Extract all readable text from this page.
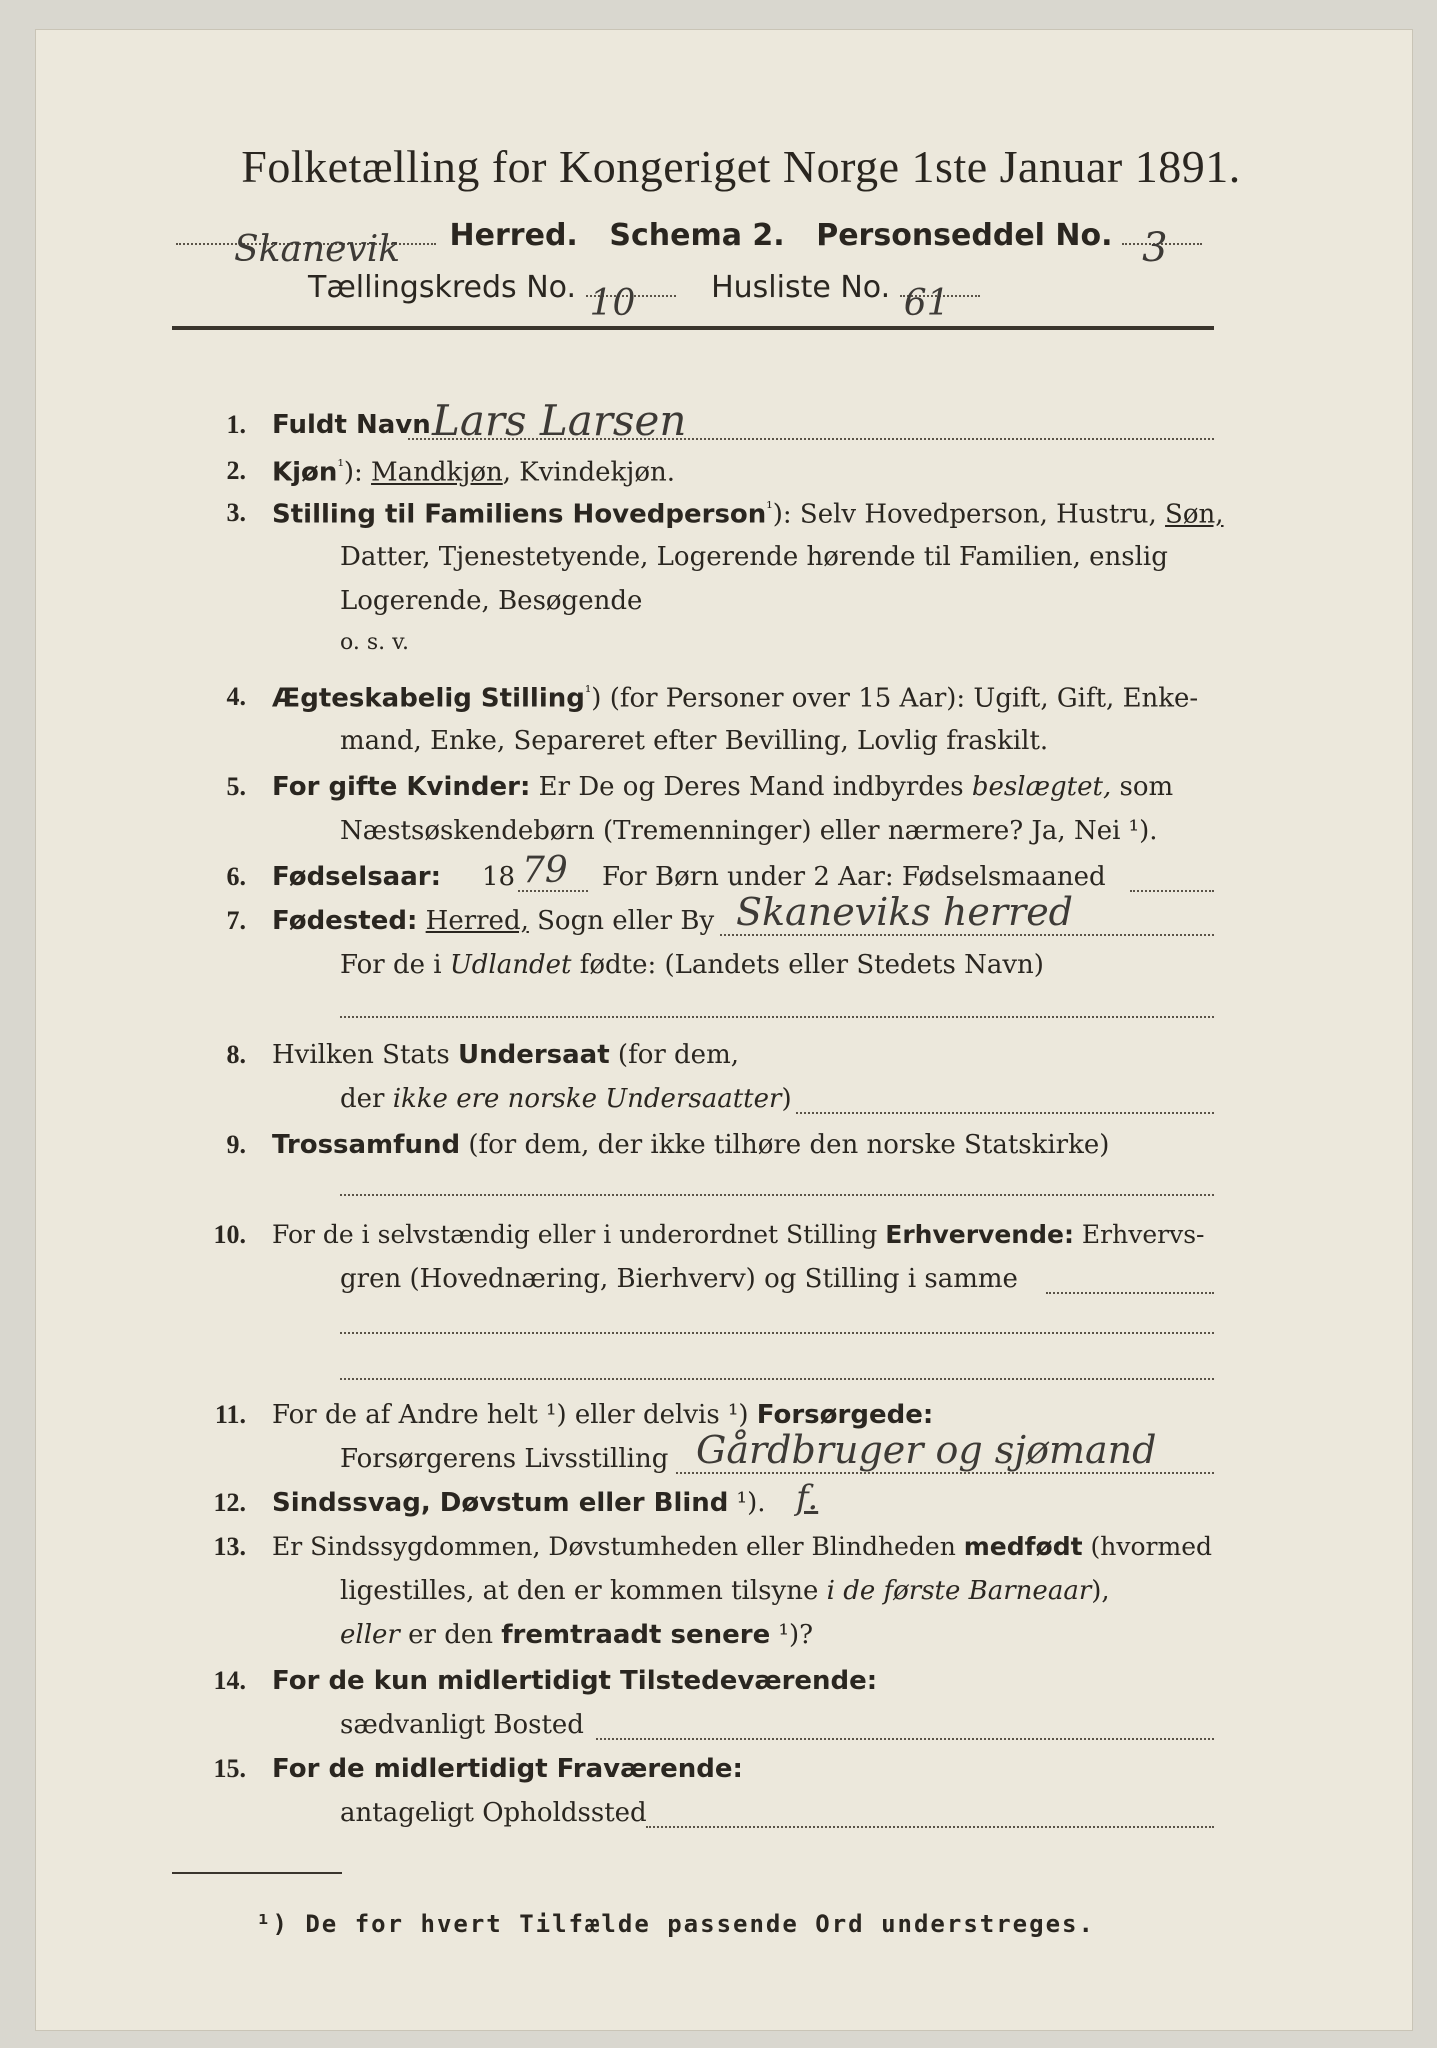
Folketælling for Kongeriget Norge 1ste Januar 1891.
Skanevik Herred. Schema 2. Personseddel No. 3
Tællingskreds No. 10	Husliste No. 61
1. Fuldt Navn Lars Larsen
2. Kjøn$^{^1}$): Mandkjøn, Kvindekjøn.
3. Stilling til Familiens Hovedperson$^{^1}$): Selv Hovedperson, Hustru, Søn,
Datter, Tjenestetyende, Logerende hørende til Familien, enslig
Logerende, Besøgende
o. s. v.
4. Ægteskabelig Stilling$^{^1}$) (for Personer over 15 Aar): Ugift, Gift, Enke-
mand, Enke, Separeret efter Bevilling, Lovlig fraskilt.
5. For gifte Kvinder: Er De og Deres Mand indbyrdes beslægtet, som
Næstsøskendebørn (Tremenninger) eller nærmere? Ja, Nei ¹).
6. Fødselsaar: 18 79 For Børn under 2 Aar: Fødselsmaaned
7. Fødested: Herred, Sogn eller By Skaneviks herred
For de i Udlandet fødte: (Landets eller Stedets Navn)
8. Hvilken Stats Undersaat (for dem,
der ikke ere norske Undersaatter)
9. Trossamfund (for dem, der ikke tilhøre den norske Statskirke)
10. For de i selvstændig eller i underordnet Stilling Erhvervende: Erhvervs-
gren (Hovednæring, Bierhverv) og Stilling i samme
11. For de af Andre helt ¹) eller delvis ¹) Forsørgede:
Forsørgerens Livsstilling Gårdbruger og sjømand
12. Sindssvag, Døvstum eller Blind ¹). f.
13. Er Sindssygdommen, Døvstumheden eller Blindheden medfødt (hvormed
ligestilles, at den er kommen tilsyne i de første Barneaar),
eller er den fremtraadt senere ¹)?
14. For de kun midlertidigt Tilstedeværende:
sædvanligt Bosted
15. For de midlertidigt Fraværende:
antageligt Opholdssted
¹) De for hvert Tilfælde passende Ord understreges.
